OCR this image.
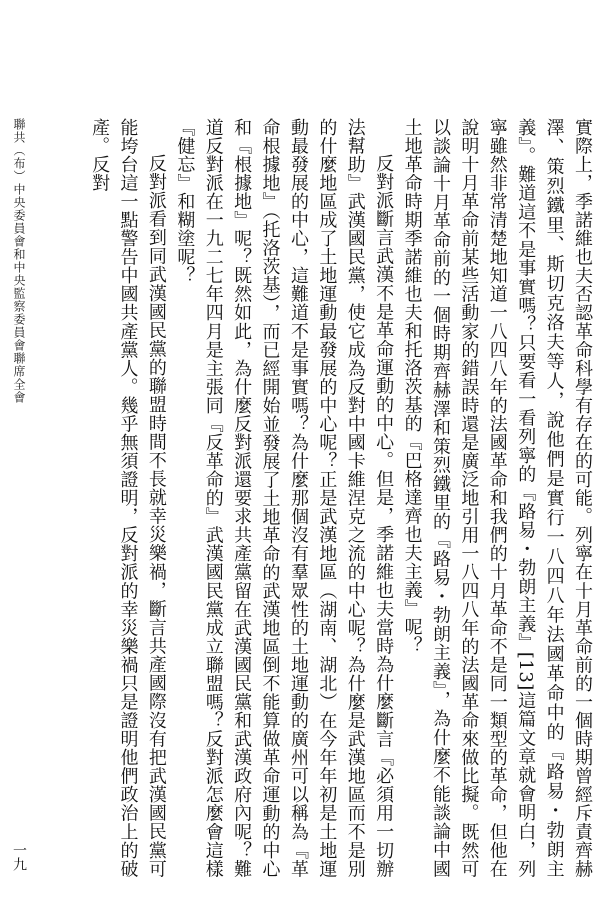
聯共（布）中央委員會和中央監察委員會聯席全會
一九	實際上，季諾維也夫否認革命科學有存在的可能。列寧在十月革命前的一個時期曾經斥責齊赫澤、策烈鐵里、斯切克洛夫等人，說他們是實行一八四八年法國革命中的『路易・勃朗主義』。難道這不是事實嗎？只要看一看列寧的『路易・勃朗主義』[13]這篇文章就會明白，列寧雖然非常清楚地知道一八四八年的法國革命和我們的十月革命不是同一類型的革命，但他在說明十月革命前某些活動家的錯誤時還是廣泛地引用一八四八年的法國革命來做比擬。既然可以談論十月革命前的一個時期齊赫澤和策烈鐵里的『路易・勃朗主義』，為什麼不能談論中國土地革命時期季諾維也夫和托洛茨基的『巴格達齊也夫主義』呢？

反對派斷言武漢不是革命運動的中心。但是，季諾維也夫當時為什麼斷言『必須用一切辦法幫助』武漢國民黨，使它成為反對中國卡維涅克之流的中心呢？為什麼是武漢地區而不是別的什麼地區成了土地運動最發展的中心呢？正是武漢地區（湖南、湖北）在今年年初是土地運動最發展的中心，這難道不是事實嗎？為什麼那個沒有羣眾性的土地運動的廣州可以稱為『革命根據地』（托洛茨基），而已經開始並發展了土地革命的武漢地區倒不能算做革命運動的中心和『根據地』呢？既然如此，為什麼反對派還要求共產黨留在武漢國民黨和武漢政府內呢？難道反對派在一九二七年四月是主張同『反革命的』武漢國民黨成立聯盟嗎？反對派怎麼會這樣『健忘』和糊塗呢？

反對派看到同武漢國民黨的聯盟時間不長就幸災樂禍，斷言共產國際沒有把武漢國民黨可能垮台這一點警告中國共產黨人。幾乎無須證明，反對派的幸災樂禍只是證明他們政治上的破產。反對
